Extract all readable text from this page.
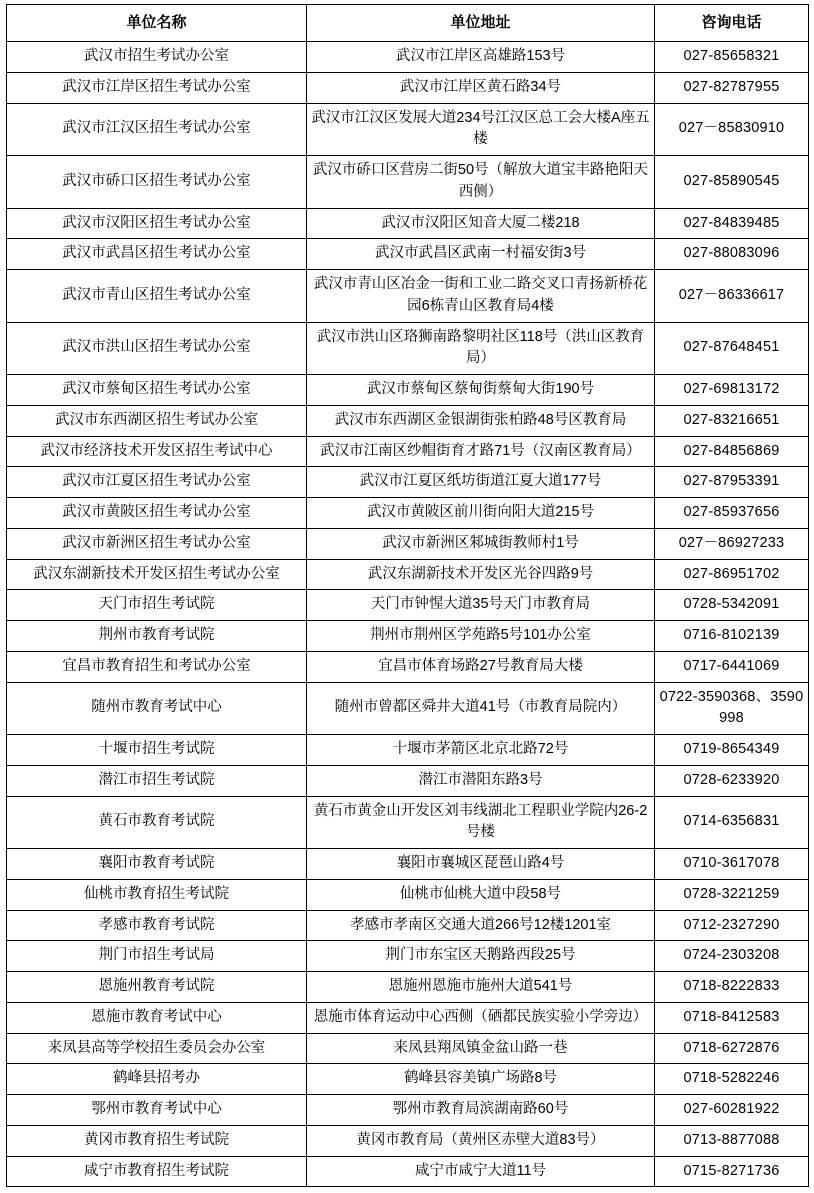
单位名称	单位地址	咨询电话
武汉市招生考试办公室	武汉市江岸区高雄路153号	027-85658321
武汉市江岸区招生考试办公室	武汉市江岸区黄石路34号	027-82787955
武汉市江汉区招生考试办公室	武汉市江汉区发展大道234号江汉区总工会大楼A座五楼	027－85830910
武汉市硚口区招生考试办公室	武汉市硚口区营房二街50号（解放大道宝丰路艳阳天西侧）	027-85890545
武汉市汉阳区招生考试办公室	武汉市汉阳区知音大厦二楼218	027-84839485
武汉市武昌区招生考试办公室	武汉市武昌区武南一村福安街3号	027-88083096
武汉市青山区招生考试办公室	武汉市青山区冶金一街和工业二路交叉口青扬新桥花园6栋青山区教育局4楼	027－86336617
武汉市洪山区招生考试办公室	武汉市洪山区珞狮南路黎明社区118号（洪山区教育局）	027-87648451
武汉市蔡甸区招生考试办公室	武汉市蔡甸区蔡甸街蔡甸大街190号	027-69813172
武汉市东西湖区招生考试办公室	武汉市东西湖区金银湖街张柏路48号区教育局	027-83216651
武汉市经济技术开发区招生考试中心	武汉市江南区纱帽街育才路71号（汉南区教育局）	027-84856869
武汉市江夏区招生考试办公室	武汉市江夏区纸坊街道江夏大道177号	027-87953391
武汉市黄陂区招生考试办公室	武汉市黄陂区前川街向阳大道215号	027-85937656
武汉市新洲区招生考试办公室	武汉市新洲区邾城街教师村1号	027－86927233
武汉东湖新技术开发区招生考试办公室	武汉东湖新技术开发区光谷四路9号	027-86951702
天门市招生考试院	天门市钟惺大道35号天门市教育局	0728-5342091
荆州市教育考试院	荆州市荆州区学苑路5号101办公室	0716-8102139
宜昌市教育招生和考试办公室	宜昌市体育场路27号教育局大楼	0717-6441069
随州市教育考试中心	随州市曾都区舜井大道41号（市教育局院内）	0722-3590368、3590998
十堰市招生考试院	十堰市茅箭区北京北路72号	0719-8654349
潜江市招生考试院	潜江市潜阳东路3号	0728-6233920
黄石市教育考试院	黄石市黄金山开发区刘韦线湖北工程职业学院内26-2号楼	0714-6356831
襄阳市教育考试院	襄阳市襄城区琵琶山路4号	0710-3617078
仙桃市教育招生考试院	仙桃市仙桃大道中段58号	0728-3221259
孝感市教育考试院	孝感市孝南区交通大道266号12楼1201室	0712-2327290
荆门市招生考试局	荆门市东宝区天鹅路西段25号	0724-2303208
恩施州教育考试院	恩施州恩施市施州大道541号	0718-8222833
恩施市教育考试中心	恩施市体育运动中心西侧（硒都民族实验小学旁边）	0718-8412583
来凤县高等学校招生委员会办公室	来凤县翔凤镇金盆山路一巷	0718-6272876
鹤峰县招考办	鹤峰县容美镇广场路8号	0718-5282246
鄂州市教育考试中心	鄂州市教育局滨湖南路60号	027-60281922
黄冈市教育招生考试院	黄冈市教育局（黄州区赤壁大道83号）	0713-8877088
咸宁市教育招生考试院	咸宁市咸宁大道11号	0715-8271736
